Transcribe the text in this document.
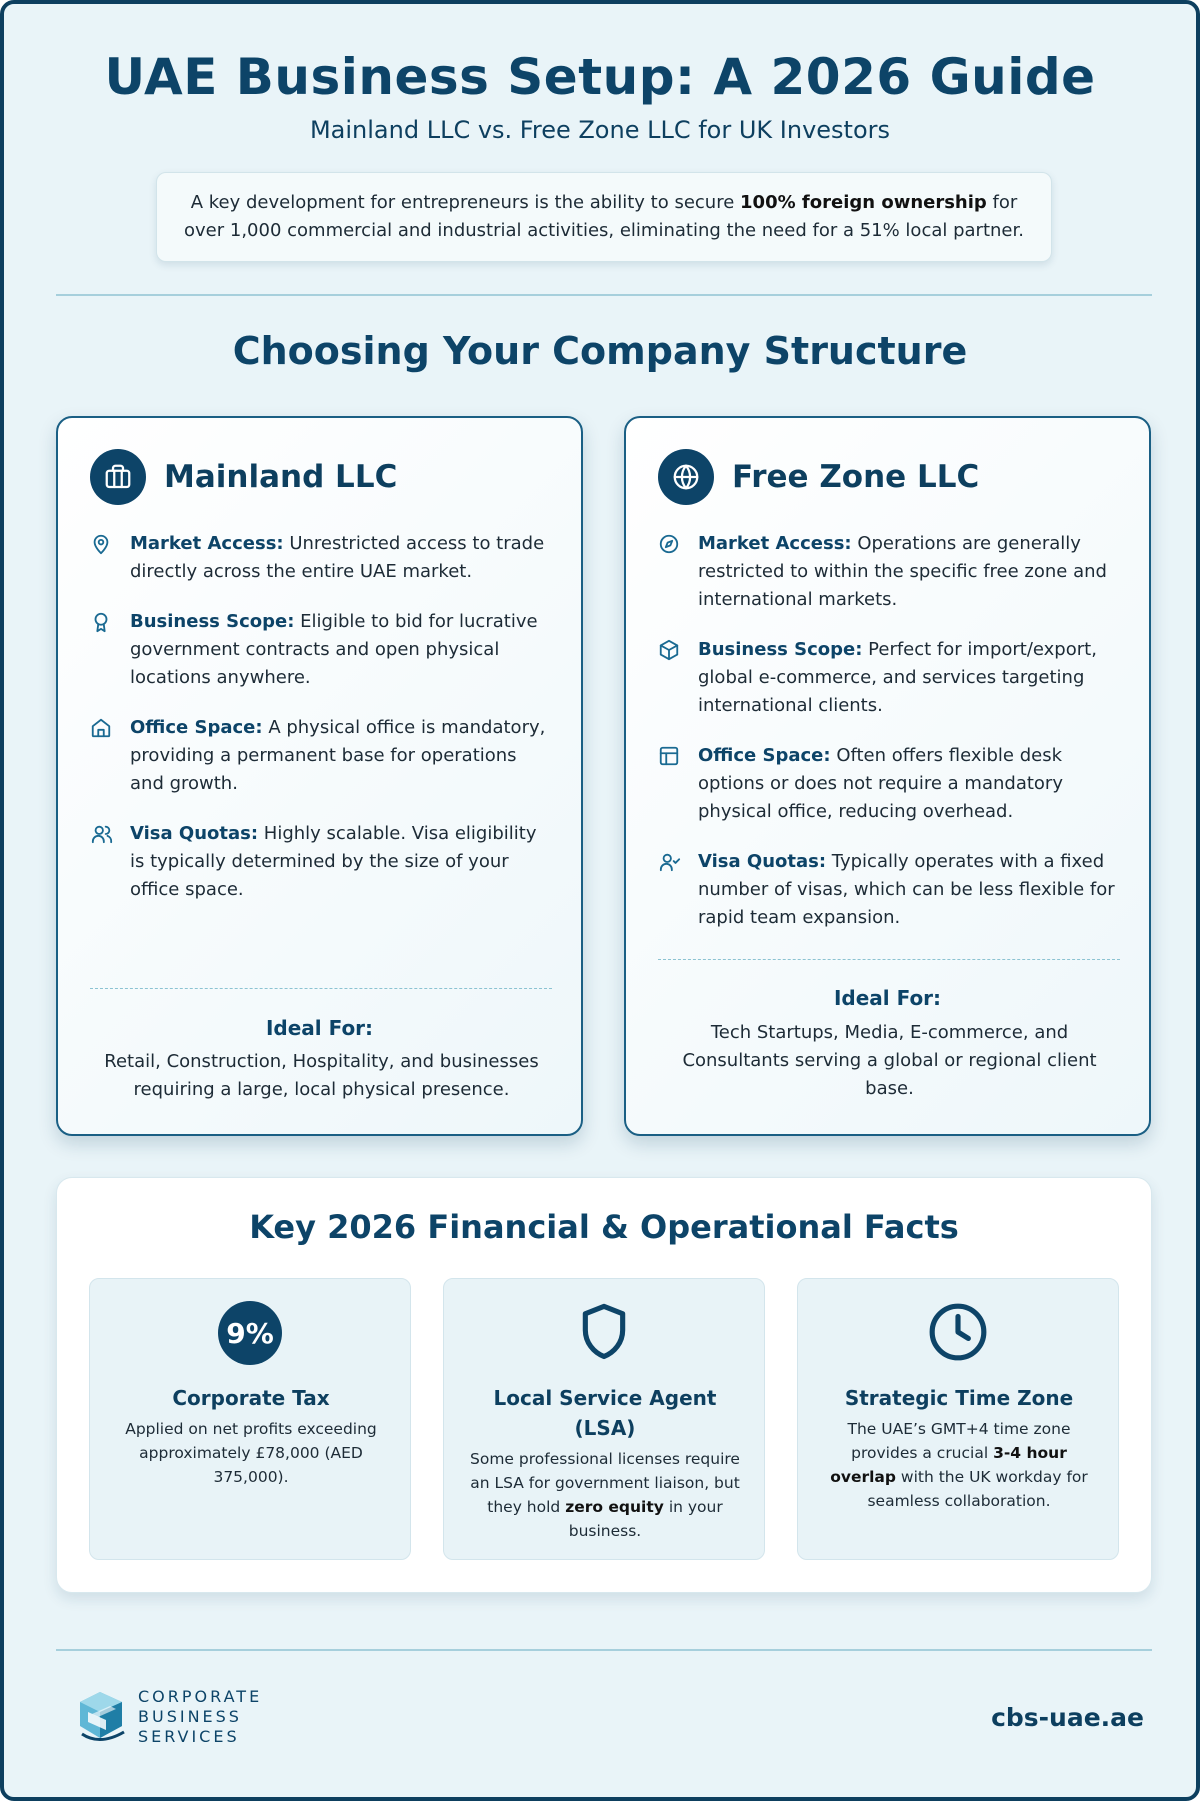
UAE Business Setup: A 2026 Guide
Mainland LLC vs. Free Zone LLC for UK Investors
A key development for entrepreneurs is the ability to secure 100% foreign ownership for over 1,000 commercial and industrial activities, eliminating the need for a 51% local partner.
Choosing Your Company Structure
Mainland LLC
Market Access: Unrestricted access to trade directly across the entire UAE market.
Business Scope: Eligible to bid for lucrative government contracts and open physical locations anywhere.
Office Space: A physical office is mandatory, providing a permanent base for operations and growth.
Visa Quotas: Highly scalable. Visa eligibility is typically determined by the size of your office space.
Ideal For:
Retail, Construction, Hospitality, and businesses requiring a large, local physical presence.
Free Zone LLC
Market Access: Operations are generally restricted to within the specific free zone and international markets.
Business Scope: Perfect for import/export, global e-commerce, and services targeting international clients.
Office Space: Often offers flexible desk options or does not require a mandatory physical office, reducing overhead.
Visa Quotas: Typically operates with a fixed number of visas, which can be less flexible for rapid team expansion.
Ideal For:
Tech Startups, Media, E-commerce, and Consultants serving a global or regional client base.
Key 2026 Financial & Operational Facts
9%
Corporate Tax
Applied on net profits exceeding approximately £78,000 (AED 375,000).
Local Service Agent (LSA)
Some professional licenses require an LSA for government liaison, but they hold zero equity in your business.
Strategic Time Zone
The UAE’s GMT+4 time zone provides a crucial 3-4 hour overlap with the UK workday for seamless collaboration.
CORPORATE
BUSINESS
SERVICES
cbs-uae.ae
